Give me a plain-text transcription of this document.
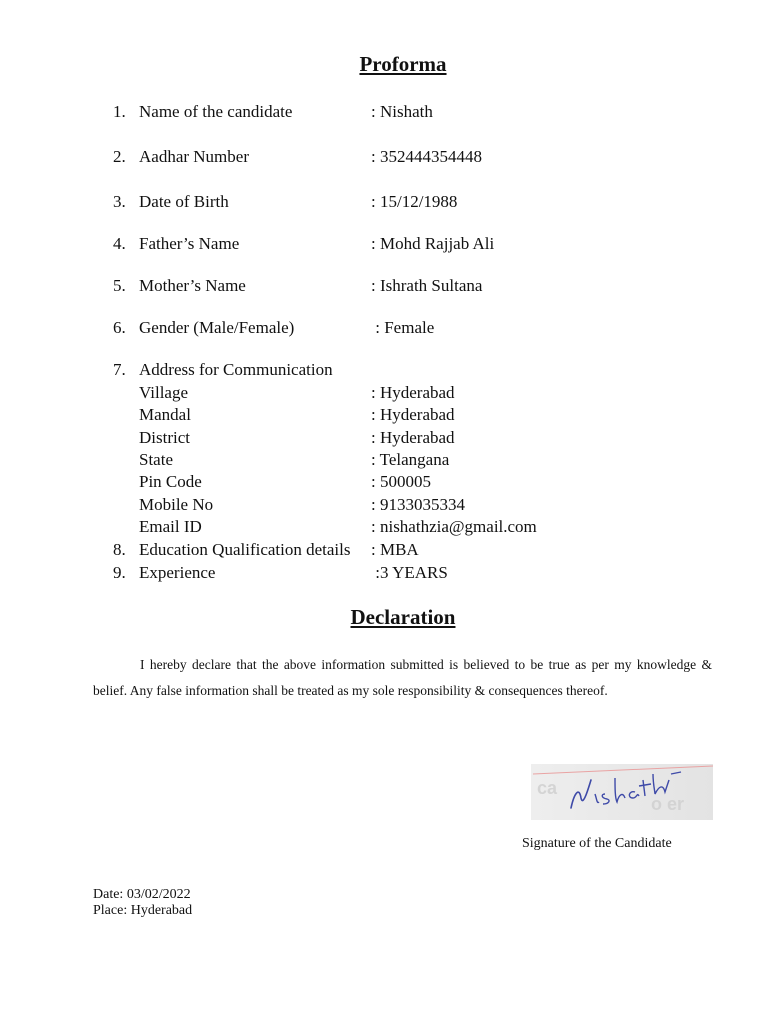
Proforma
1. Name of the candidate	: Nishath
2. Aadhar Number	: 352444354448
3. Date of Birth	: 15/12/1988
4. Father’s Name	: Mohd Rajjab Ali
5. Mother’s Name	: Ishrath Sultana
6. Gender (Male/Female)	: Female
7. Address for Communication
Village	: Hyderabad
Mandal	: Hyderabad
District	: Hyderabad
State	: Telangana
Pin Code	: 500005
Mobile No	: 9133035334
Email ID	: nishathzia@gmail.com
8. Education Qualification details : MBA
9. Experience	:3 YEARS
Declaration
I hereby declare that the above information submitted is believed to be true as per my knowledge & belief. Any false information shall be treated as my sole responsibility & consequences thereof.
ca
o er
Signature of the Candidate
Date: 03/02/2022
Place: Hyderabad
